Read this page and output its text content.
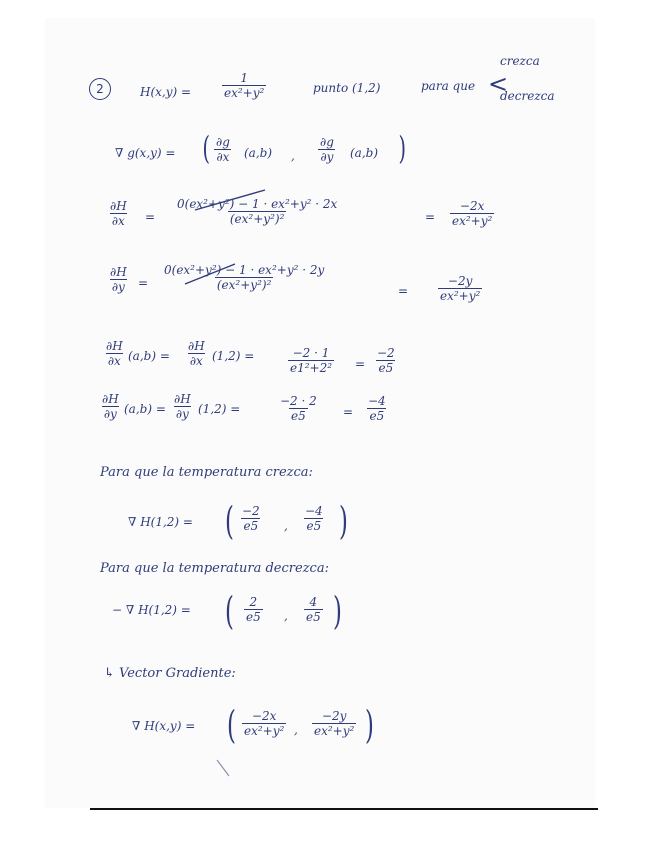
2	H(x,y) =	$\frac{1}{\text{ex²+y²}}$	punto (1,2)	para que <
crezca
decrezca
∇ g(x,y) = ( $\frac{\partial g}{\partial x} (a,b)$ , $\frac{\partial g}{\partial y} (a,b)$ )
$\frac{\partial H}{\partial x} = \frac{\text{0(ex²+y²) − 1 · ex²+y² · 2x}}{\text{(ex²+y²)²}}$	= $\frac{-2x}{\text{ex²+y²}}$
$\frac{\partial H}{\partial y} = \frac{\text{0(ex²+y²) − 1 · ex²+y² · 2y}}{\text{(ex²+y²)²}}$	= $\frac{-2y}{\text{ex²+y²}}$
$\frac{\partial H}{\partial x} (a,b) = \frac{\partial H}{\partial x} (1,2)$ =	$\frac{-2 \cdot 1}{\text{e1²+2²}} = \frac{-2}{e5}$
$\frac{\partial H}{\partial y} (a,b) = \frac{\partial H}{\partial y} (1,2)$ =	$\frac{-2 \cdot 2}{e5} = \frac{-4}{e5}$
Para que la temperatura crezca:
∇ H(1,2) = ( $\frac{-2}{e5}$ , $\frac{-4}{e5}$ )
Para que la temperatura decrezca:
− ∇ H(1,2) = ( $\frac{2}{e5}$ , $\frac{4}{e5}$ )
↳ Vector Gradiente:
∇ H(x,y) = ( $\frac{-2x}{\text{ex²+y²}}$ , $\frac{-2y}{\text{ex²+y²}}$ )
